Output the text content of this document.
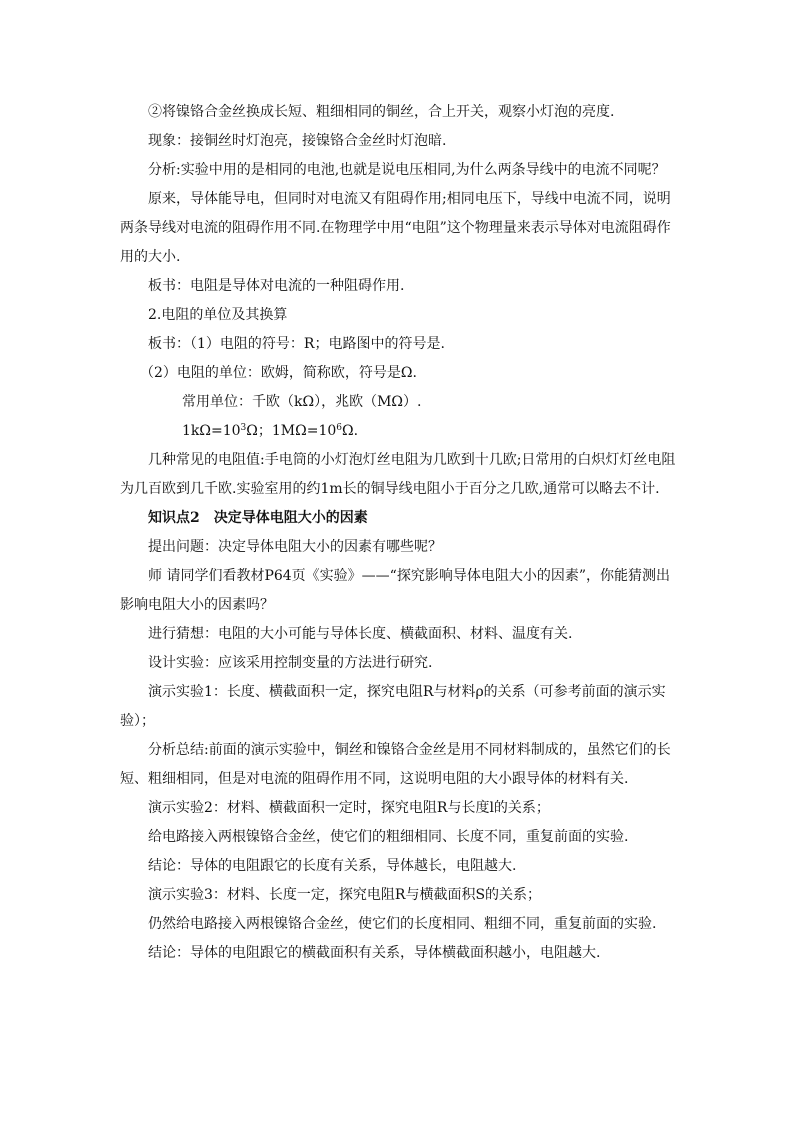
②将镍铬合金丝换成长短、粗细相同的铜丝，合上开关，观察小灯泡的亮度.

现象：接铜丝时灯泡亮，接镍铬合金丝时灯泡暗.

分析:实验中用的是相同的电池,也就是说电压相同,为什么两条导线中的电流不同呢？

原来，导体能导电，但同时对电流又有阻碍作用;相同电压下，导线中电流不同，说明两条导线对电流的阻碍作用不同.在物理学中用“电阻”这个物理量来表示导体对电流阻碍作用的大小.

板书：电阻是导体对电流的一种阻碍作用.

2.电阻的单位及其换算

板书：（1）电阻的符号：R；电路图中的符号是.

（2）电阻的单位：欧姆，简称欧，符号是Ω.

常用单位：千欧（kΩ），兆欧（MΩ）.

$1k\Omega=10^3\Omega$；$1M\Omega=10^6\Omega$.

几种常见的电阻值:手电筒的小灯泡灯丝电阻为几欧到十几欧;日常用的白炽灯灯丝电阻为几百欧到几千欧.实验室用的约1m长的铜导线电阻小于百分之几欧,通常可以略去不计.

知识点2 决定导体电阻大小的因素

提出问题：决定导体电阻大小的因素有哪些呢？

师 请同学们看教材P64页《实验》——“探究影响导体电阻大小的因素”，你能猜测出影响电阻大小的因素吗？

进行猜想：电阻的大小可能与导体长度、横截面积、材料、温度有关.

设计实验：应该采用控制变量的方法进行研究.

演示实验1：长度、横截面积一定，探究电阻R与材料ρ的关系（可参考前面的演示实验）；

分析总结:前面的演示实验中，铜丝和镍铬合金丝是用不同材料制成的，虽然它们的长短、粗细相同，但是对电流的阻碍作用不同，这说明电阻的大小跟导体的材料有关.

演示实验2：材料、横截面积一定时，探究电阻R与长度l的关系；

给电路接入两根镍铬合金丝，使它们的粗细相同、长度不同，重复前面的实验.

结论：导体的电阻跟它的长度有关系，导体越长，电阻越大.

演示实验3：材料、长度一定，探究电阻R与横截面积S的关系；

仍然给电路接入两根镍铬合金丝，使它们的长度相同、粗细不同，重复前面的实验.

结论：导体的电阻跟它的横截面积有关系，导体横截面积越小，电阻越大.
